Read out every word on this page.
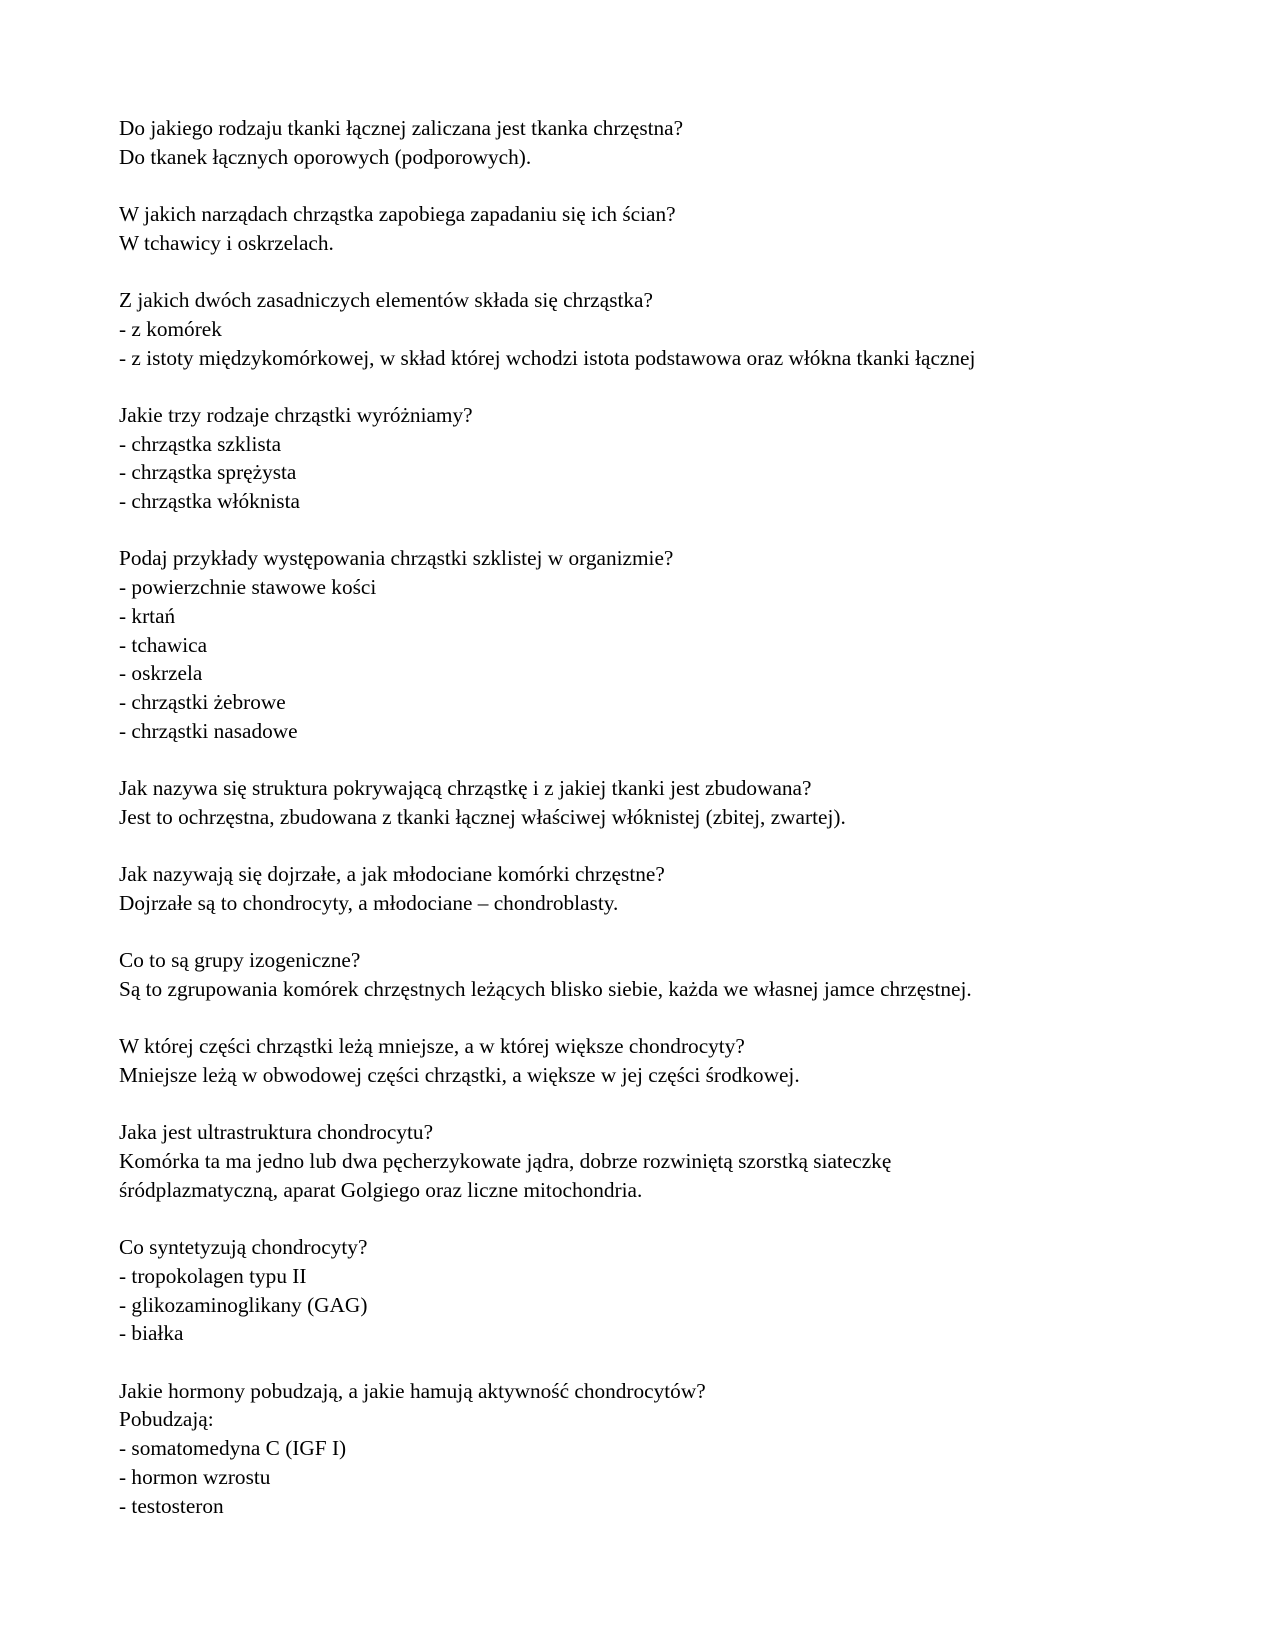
Do jakiego rodzaju tkanki łącznej zaliczana jest tkanka chrzęstna?
Do tkanek łącznych oporowych (podporowych).
W jakich narządach chrząstka zapobiega zapadaniu się ich ścian?
W tchawicy i oskrzelach.
Z jakich dwóch zasadniczych elementów składa się chrząstka?
- z komórek
- z istoty międzykomórkowej, w skład której wchodzi istota podstawowa oraz włókna tkanki łącznej
Jakie trzy rodzaje chrząstki wyróżniamy?
- chrząstka szklista
- chrząstka sprężysta
- chrząstka włóknista
Podaj przykłady występowania chrząstki szklistej w organizmie?
- powierzchnie stawowe kości
- krtań
- tchawica
- oskrzela
- chrząstki żebrowe
- chrząstki nasadowe
Jak nazywa się struktura pokrywającą chrząstkę i z jakiej tkanki jest zbudowana?
Jest to ochrzęstna, zbudowana z tkanki łącznej właściwej włóknistej (zbitej, zwartej).
Jak nazywają się dojrzałe, a jak młodociane komórki chrzęstne?
Dojrzałe są to chondrocyty, a młodociane – chondroblasty.
Co to są grupy izogeniczne?
Są to zgrupowania komórek chrzęstnych leżących blisko siebie, każda we własnej jamce chrzęstnej.
W której części chrząstki leżą mniejsze, a w której większe chondrocyty?
Mniejsze leżą w obwodowej części chrząstki, a większe w jej części środkowej.
Jaka jest ultrastruktura chondrocytu?
Komórka ta ma jedno lub dwa pęcherzykowate jądra, dobrze rozwiniętą szorstką siateczkę
śródplazmatyczną, aparat Golgiego oraz liczne mitochondria.
Co syntetyzują chondrocyty?
- tropokolagen typu II
- glikozaminoglikany (GAG)
- białka
Jakie hormony pobudzają, a jakie hamują aktywność chondrocytów?
Pobudzają:
- somatomedyna C (IGF I)
- hormon wzrostu
- testosteron
